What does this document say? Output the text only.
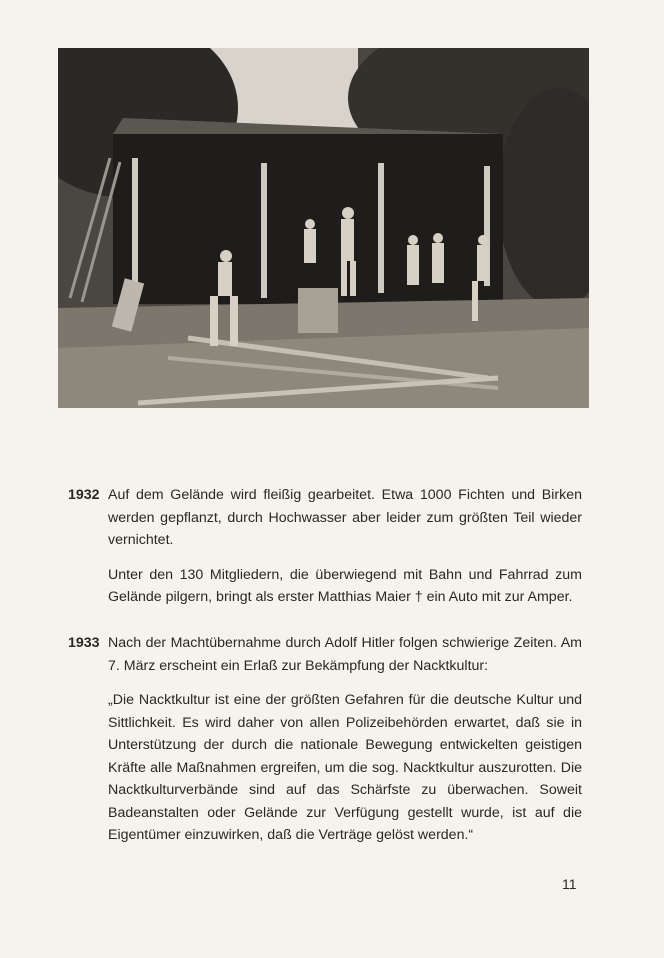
1932 Auf dem Gelände wird fleißig gearbeitet. Etwa 1000 Fichten und Birken werden gepflanzt, durch Hochwasser aber leider zum größten Teil wieder vernichtet.

Unter den 130 Mitgliedern, die überwiegend mit Bahn und Fahrrad zum Gelände pilgern, bringt als erster Matthias Maier † ein Auto mit zur Amper.

1933 Nach der Machtübernahme durch Adolf Hitler folgen schwierige Zeiten. Am 7. März erscheint ein Erlaß zur Bekämpfung der Nacktkultur:

„Die Nacktkultur ist eine der größten Gefahren für die deutsche Kultur und Sittlichkeit. Es wird daher von allen Polizeibehörden erwartet, daß sie in Unterstützung der durch die nationale Bewegung entwickelten geistigen Kräfte alle Maßnahmen ergreifen, um die sog. Nacktkultur auszurotten. Die Nacktkulturverbände sind auf das Schärfste zu überwachen. Soweit Badeanstalten oder Gelände zur Verfügung gestellt wurde, ist auf die Eigentümer einzuwirken, daß die Verträge gelöst werden.“

11
